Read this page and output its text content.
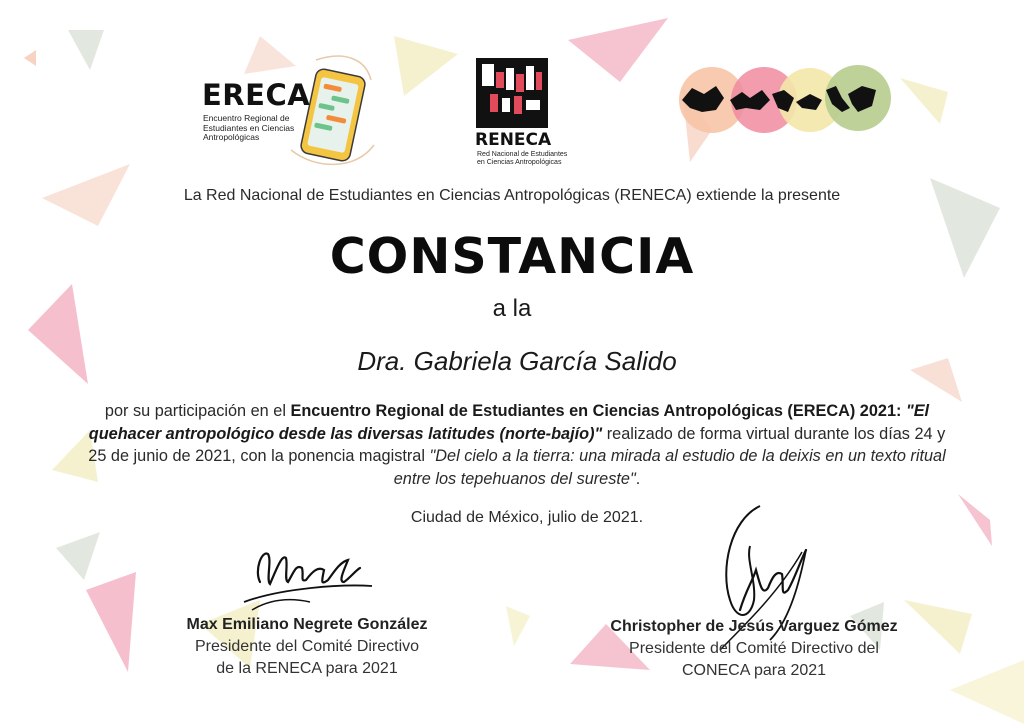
ERECA
Encuentro Regional de Estudiantes en Ciencias Antropológicas	RENECA
Red Nacional de Estudiantes en Ciencias Antropológicas
La Red Nacional de Estudiantes en Ciencias Antropológicas (RENECA) extiende la presente
CONSTANCIA
a la
Dra. Gabriela García Salido
por su participación en el Encuentro Regional de Estudiantes en Ciencias Antropológicas (ERECA) 2021: "El quehacer antropológico desde las diversas latitudes (norte-bajío)" realizado de forma virtual durante los días 24 y 25 de junio de 2021, con la ponencia magistral "Del cielo a la tierra: una mirada al estudio de la deixis en un texto ritual entre los tepehuanos del sureste".
Ciudad de México, julio de 2021.
Max Emiliano Negrete González
Presidente del Comité Directivo
de la RENECA para 2021
Christopher de Jesús Varguez Gómez
Presidente del Comité Directivo del
CONECA para 2021
